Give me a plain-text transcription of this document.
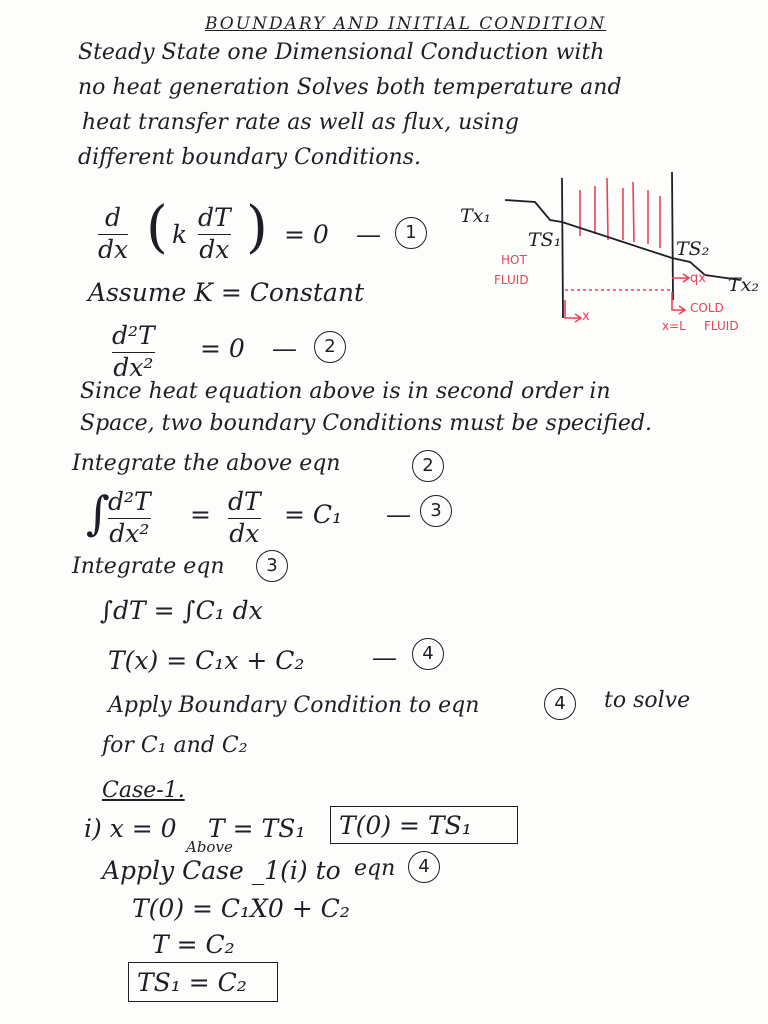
BOUNDARY AND INITIAL CONDITION
Steady State one Dimensional Conduction with
no heat generation Solves both temperature and
heat transfer rate as well as flux, using
different boundary Conditions.
d
dx ( k
dT
dx ) = 0 —	1
Assume K = Constant
d²T
dx²
= 0 —	2
Since heat equation above is in second order in
Space, two boundary Conditions must be specified.
Integrate the above eqn	2
∫
d²T
dx²
= dT
dx
= C₁ —	3
Integrate eqn	3
∫dT = ∫C₁ dx
T(x) = C₁x + C₂	—	4
Apply Boundary Condition to eqn	4	to solve
for C₁ and C₂
Case-1.
i) x = 0 T = TS₁ T(0) = TS₁
Above
Apply Case _1(i) to eqn	4
T(0) = C₁X0 + C₂
T = C₂
TS₁ = C₂
Tx₁
TS₁	TS₂
Tx₂
HOT
FLUID
x
qx
COLD
x=L FLUID
